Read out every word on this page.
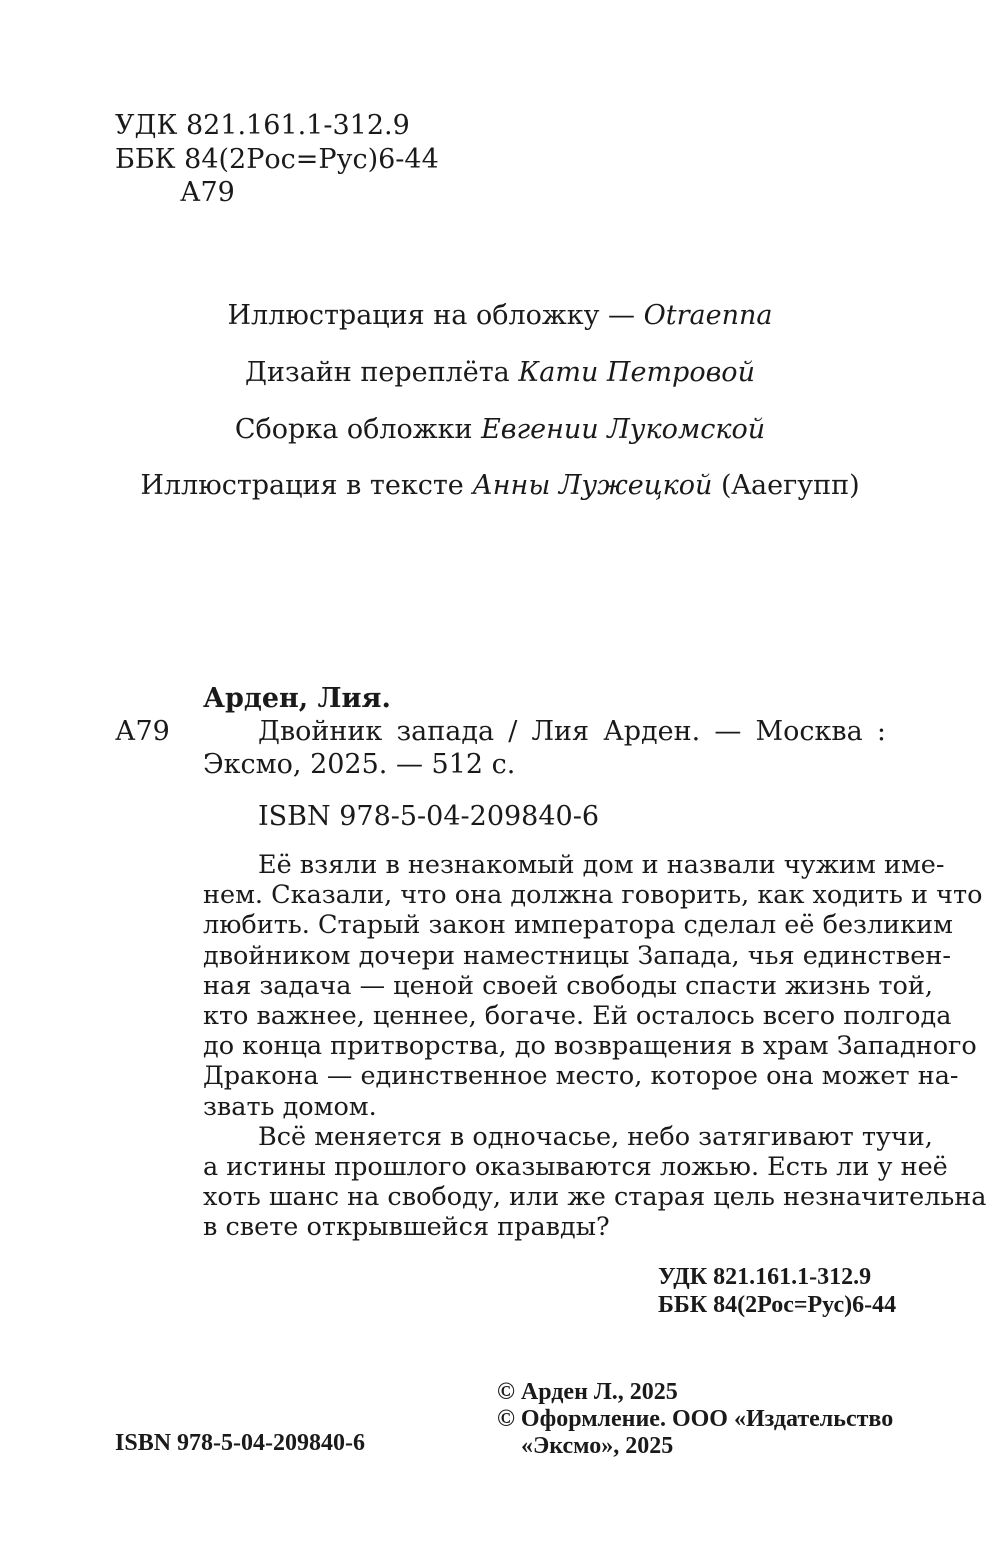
УДК 821.161.1-312.9
ББК 84(2Рос=Рус)6-44
А79
Иллюстрация на обложку — Otraenna
Дизайн переплёта Кати Петровой
Сборка обложки Евгении Лукомской
Иллюстрация в тексте Анны Лужецкой (Aaeгупп)
Арден, Лия.
А79	Двойник запада / Лия Арден. — Москва :
Эксмо, 2025. — 512 с.
ISBN 978-5-04-209840-6
Её взяли в незнакомый дом и назвали чужим име-
нем. Сказали, что она должна говорить, как ходить и что
любить. Старый закон императора сделал её безликим
двойником дочери наместницы Запада, чья единствен-
ная задача — ценой своей свободы спасти жизнь той,
кто важнее, ценнее, богаче. Ей осталось всего полгода
до конца притворства, до возвращения в храм Западного
Дракона — единственное место, которое она может на-
звать домом.
Всё меняется в одночасье, небо затягивают тучи,
а истины прошлого оказываются ложью. Есть ли у неё
хоть шанс на свободу, или же старая цель незначительна
в свете открывшейся правды?
УДК 821.161.1-312.9
ББК 84(2Рос=Рус)6-44
© Арден Л., 2025
© Оформление. ООО «Издательство
«Эксмо», 2025
ISBN 978-5-04-209840-6
